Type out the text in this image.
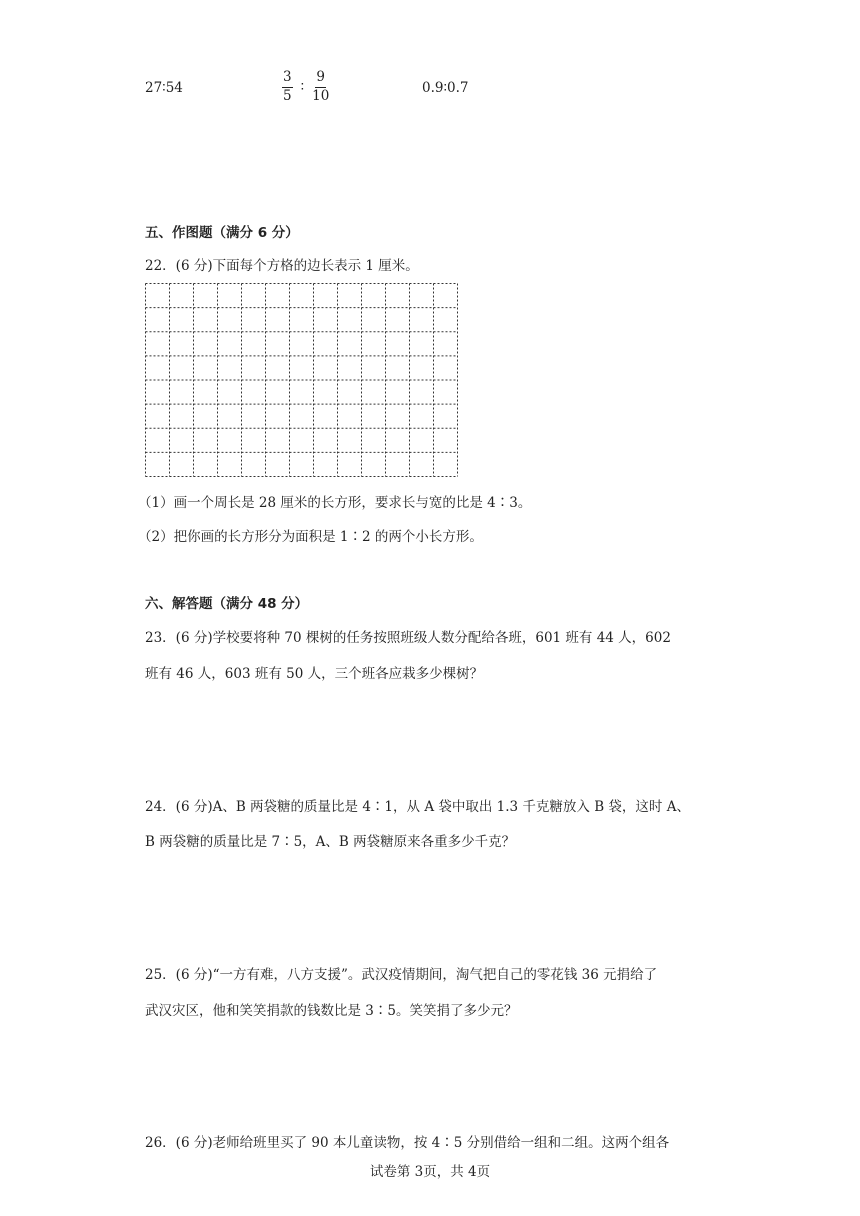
27∶54	$\frac{3}{5}$ ∶ $\frac{9}{10}$	0.9∶0.7
五、作图题（满分 6 分）
22．(6 分)下面每个方格的边长表示 1 厘米。
（1）画一个周长是 28 厘米的长方形，要求长与宽的比是 4∶3。
（2）把你画的长方形分为面积是 1∶2 的两个小长方形。
六、解答题（满分 48 分）
23．(6 分)学校要将种 70 棵树的任务按照班级人数分配给各班，601 班有 44 人，602
班有 46 人，603 班有 50 人，三个班各应栽多少棵树？
24．(6 分)A、B 两袋糖的质量比是 4∶1，从 A 袋中取出 1.3 千克糖放入 B 袋，这时 A、
B 两袋糖的质量比是 7∶5，A、B 两袋糖原来各重多少千克？
25．(6 分)“一方有难，八方支援”。武汉疫情期间，淘气把自己的零花钱 36 元捐给了
武汉灾区，他和笑笑捐款的钱数比是 3∶5。笑笑捐了多少元？
26．(6 分)老师给班里买了 90 本儿童读物，按 4∶5 分别借给一组和二组。这两个组各
试卷第 3页，共 4页
